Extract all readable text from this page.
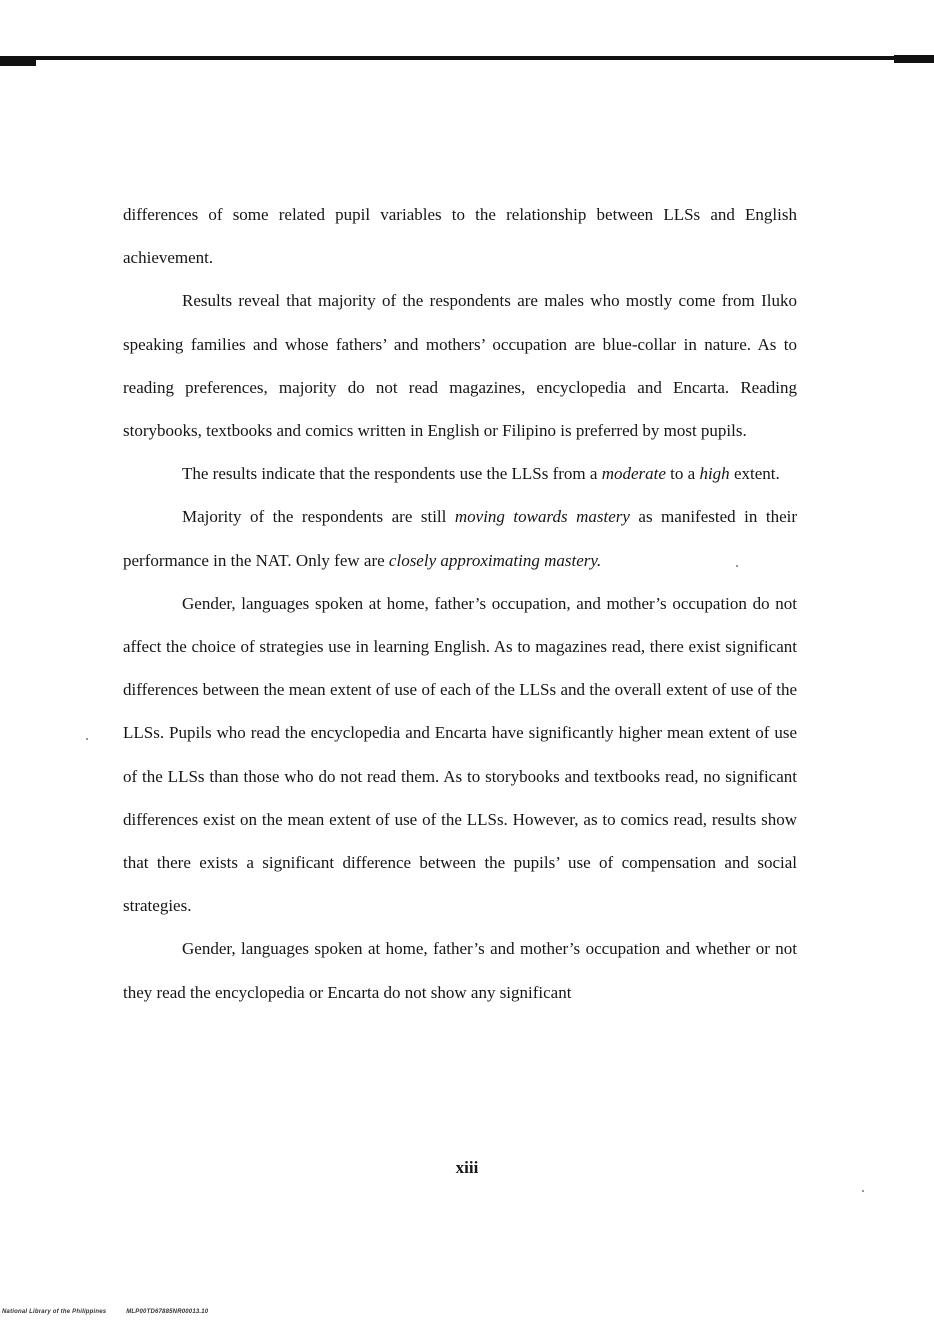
differences of some related pupil variables to the relationship between LLSs and English achievement.

Results reveal that majority of the respondents are males who mostly come from Iluko speaking families and whose fathers’ and mothers’ occupation are blue-collar in nature. As to reading preferences, majority do not read magazines, encyclopedia and Encarta. Reading storybooks, textbooks and comics written in English or Filipino is preferred by most pupils.

The results indicate that the respondents use the LLSs from a moderate to a high extent.

Majority of the respondents are still moving towards mastery as manifested in their performance in the NAT. Only few are closely approximating mastery.

Gender, languages spoken at home, father’s occupation, and mother’s occupation do not affect the choice of strategies use in learning English. As to magazines read, there exist significant differences between the mean extent of use of each of the LLSs and the overall extent of use of the LLSs. Pupils who read the encyclopedia and Encarta have significantly higher mean extent of use of the LLSs than those who do not read them. As to storybooks and textbooks read, no significant differences exist on the mean extent of use of the LLSs. However, as to comics read, results show that there exists a significant difference between the pupils’ use of compensation and social strategies.

Gender, languages spoken at home, father’s and mother’s occupation and whether or not they read the encyclopedia or Encarta do not show any significant

xiii
National Library of the Philippines	MLP00TD67885NR00013.10
